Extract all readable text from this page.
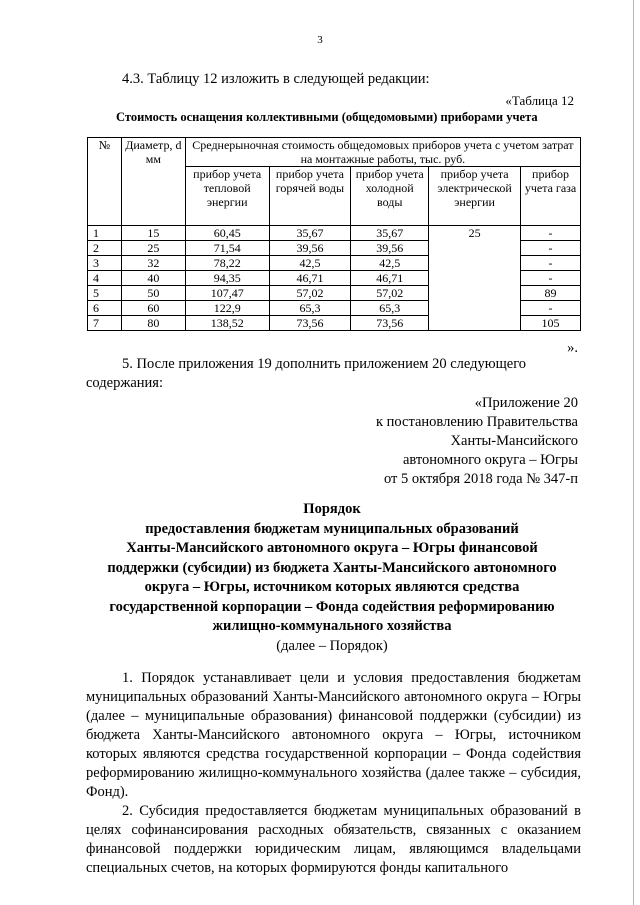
3
4.3. Таблицу 12 изложить в следующей редакции:
«Таблица 12
Стоимость оснащения коллективными (общедомовыми) приборами учета
№	Диаметр, d мм	Среднерыночная стоимость общедомовых приборов учета с учетом затрат на монтажные работы, тыс. руб.				
		прибор учета тепловой энергии	прибор учета горячей воды	прибор учета холодной воды	прибор учета электрической энергии	прибор учета газа
1	15	60,45	35,67	35,67	25	-
2	25	71,54	39,56	39,56		-
3	32	78,22	42,5	42,5		-
4	40	94,35	46,71	46,71		-
5	50	107,47	57,02	57,02		89
6	60	122,9	65,3	65,3		-
7	80	138,52	73,56	73,56		105
».
5. После приложения 19 дополнить приложением 20 следующего
содержания:
«Приложение 20
к постановлению Правительства
Ханты-Мансийского
автономного округа – Югры
от 5 октября 2018 года № 347-п
Порядок
предоставления бюджетам муниципальных образований
Ханты-Мансийского автономного округа – Югры финансовой
поддержки (субсидии) из бюджета Ханты-Мансийского автономного
округа – Югры, источником которых являются средства
государственной корпорации – Фонда содействия реформированию
жилищно-коммунального хозяйства
(далее – Порядок)
1. Порядок устанавливает цели и условия предоставления бюджетам муниципальных образований Ханты-Мансийского автономного округа – Югры (далее – муниципальные образования) финансовой поддержки (субсидии) из бюджета Ханты-Мансийского автономного округа – Югры, источником которых являются средства государственной корпорации – Фонда содействия реформированию жилищно-коммунального хозяйства (далее также – субсидия, Фонд).
2. Субсидия предоставляется бюджетам муниципальных образований в целях софинансирования расходных обязательств, связанных с оказанием финансовой поддержки юридическим лицам, являющимся владельцами специальных счетов, на которых формируются фонды капитального
